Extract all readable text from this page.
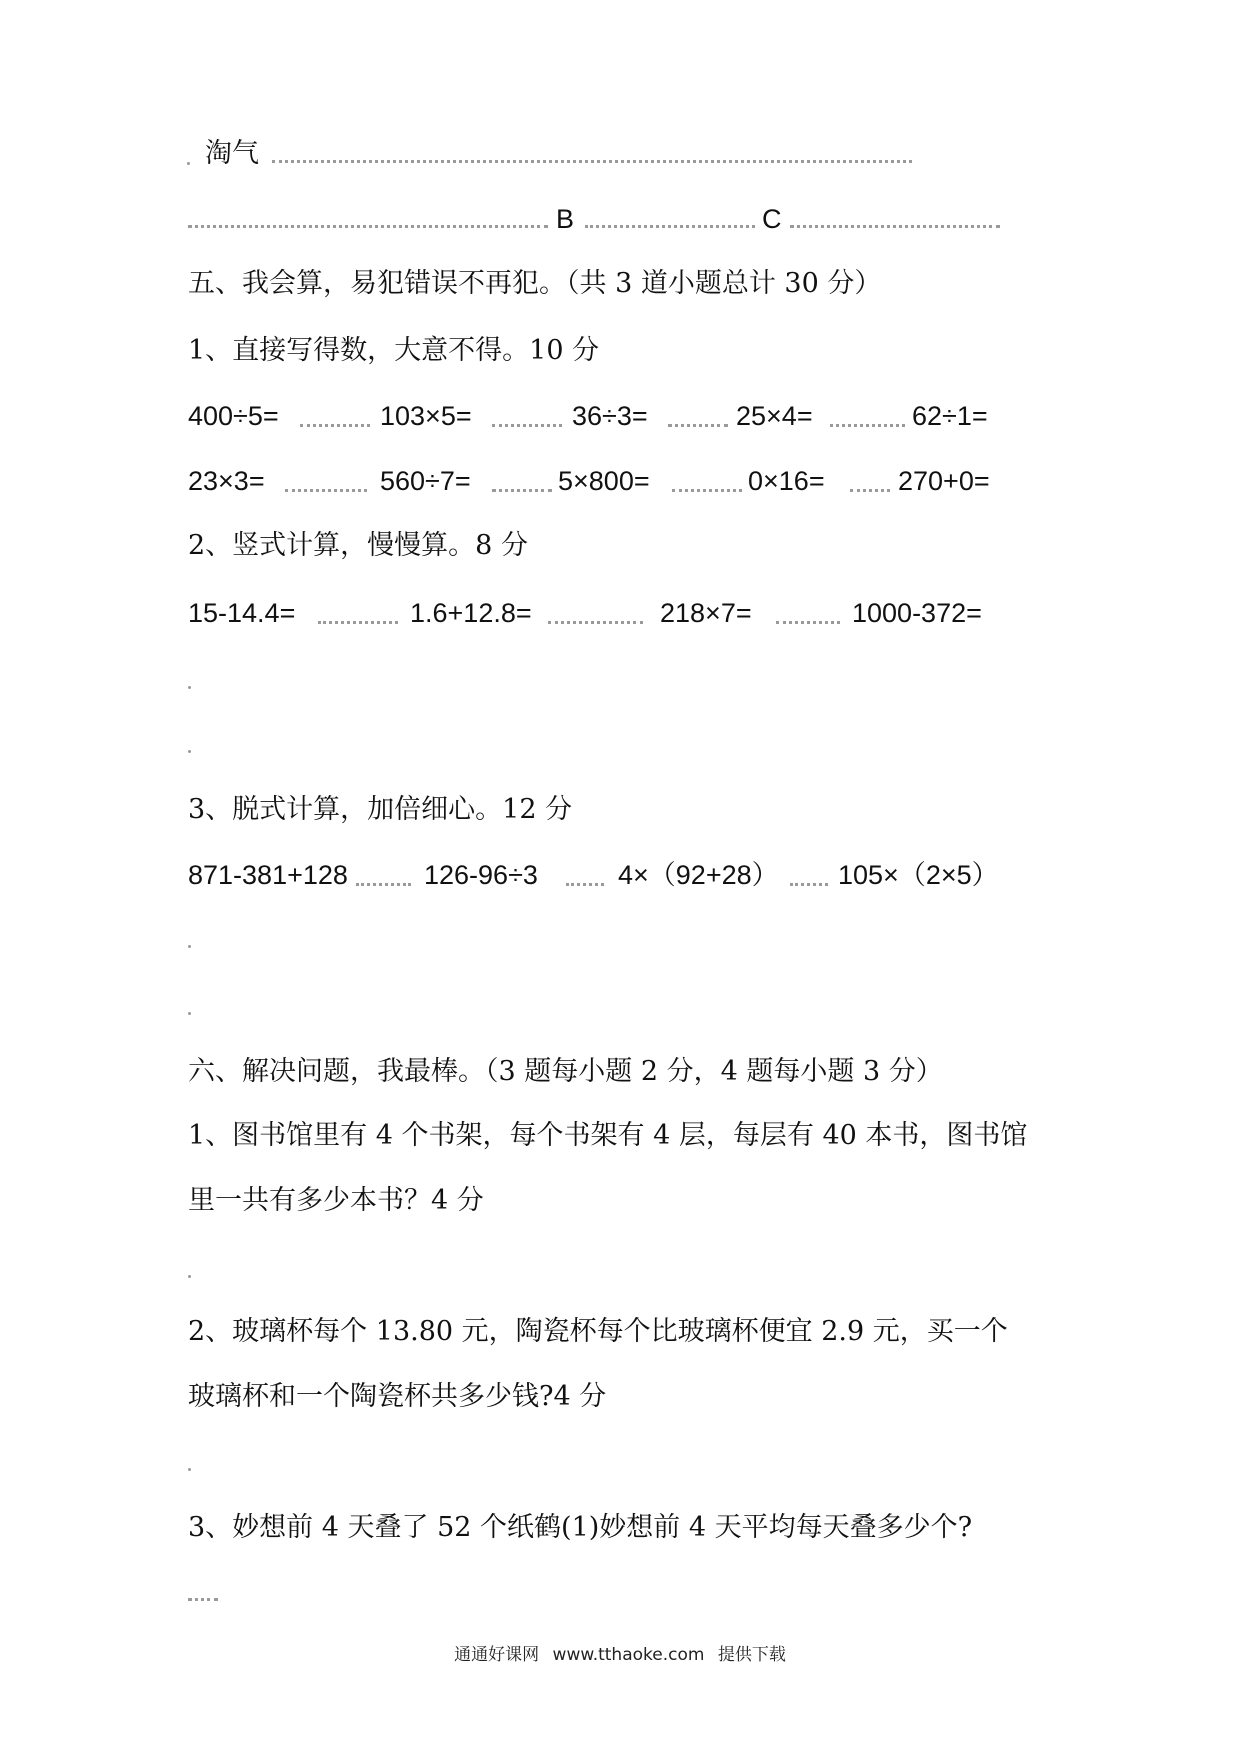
淘气
B	C
五、我会算，易犯错误不再犯。（共 3 道小题总计 30 分）
1、直接写得数，大意不得。10 分
400÷5=	103×5=	36÷3=	25×4=	62÷1=
23×3=	560÷7=	5×800=	0×16=	270+0=
2、竖式计算，慢慢算。8 分
15-14.4=	1.6+12.8=	218×7=	1000-372=
3、脱式计算，加倍细心。12 分
871-381+128	126-96÷3	4×（92+28） 105×（2×5）
六、解决问题，我最棒。（3 题每小题 2 分，4 题每小题 3 分）
1、图书馆里有 4 个书架，每个书架有 4 层，每层有 40 本书，图书馆
里一共有多少本书？4 分
2、玻璃杯每个 13.80 元，陶瓷杯每个比玻璃杯便宜 2.9 元，买一个
玻璃杯和一个陶瓷杯共多少钱?4 分
3、妙想前 4 天叠了 52 个纸鹤(1)妙想前 4 天平均每天叠多少个?
通通好课网 www.tthaoke.com 提供下载
